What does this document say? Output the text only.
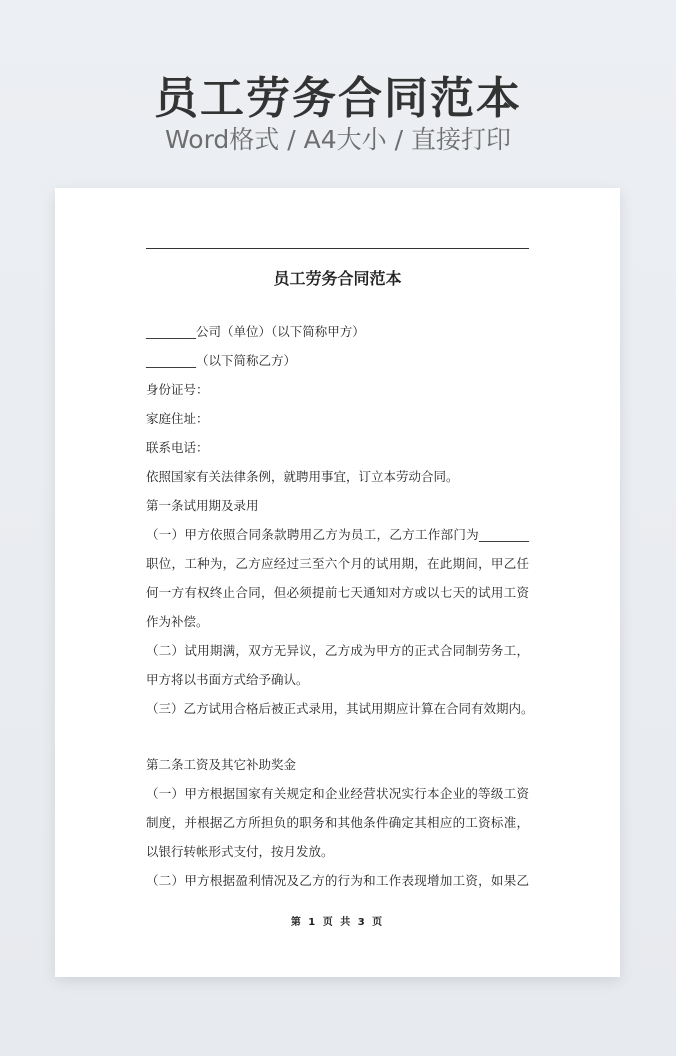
员工劳务合同范本
Word格式 / A4大小 / 直接打印
员工劳务合同范本
________公司（单位）（以下简称甲方）
________（以下简称乙方）
身份证号：
家庭住址：
联系电话：
依照国家有关法律条例，就聘用事宜，订立本劳动合同。
第一条试用期及录用
（一）甲方依照合同条款聘用乙方为员工，乙方工作部门为________
职位，工种为，乙方应经过三至六个月的试用期，在此期间，甲乙任
何一方有权终止合同，但必须提前七天通知对方或以七天的试用工资
作为补偿。
（二）试用期满，双方无异议，乙方成为甲方的正式合同制劳务工，
甲方将以书面方式给予确认。
（三）乙方试用合格后被正式录用，其试用期应计算在合同有效期内。
第二条工资及其它补助奖金
（一）甲方根据国家有关规定和企业经营状况实行本企业的等级工资
制度，并根据乙方所担负的职务和其他条件确定其相应的工资标准，
以银行转帐形式支付，按月发放。
（二）甲方根据盈利情况及乙方的行为和工作表现增加工资，如果乙
第 1 页 共 3 页
